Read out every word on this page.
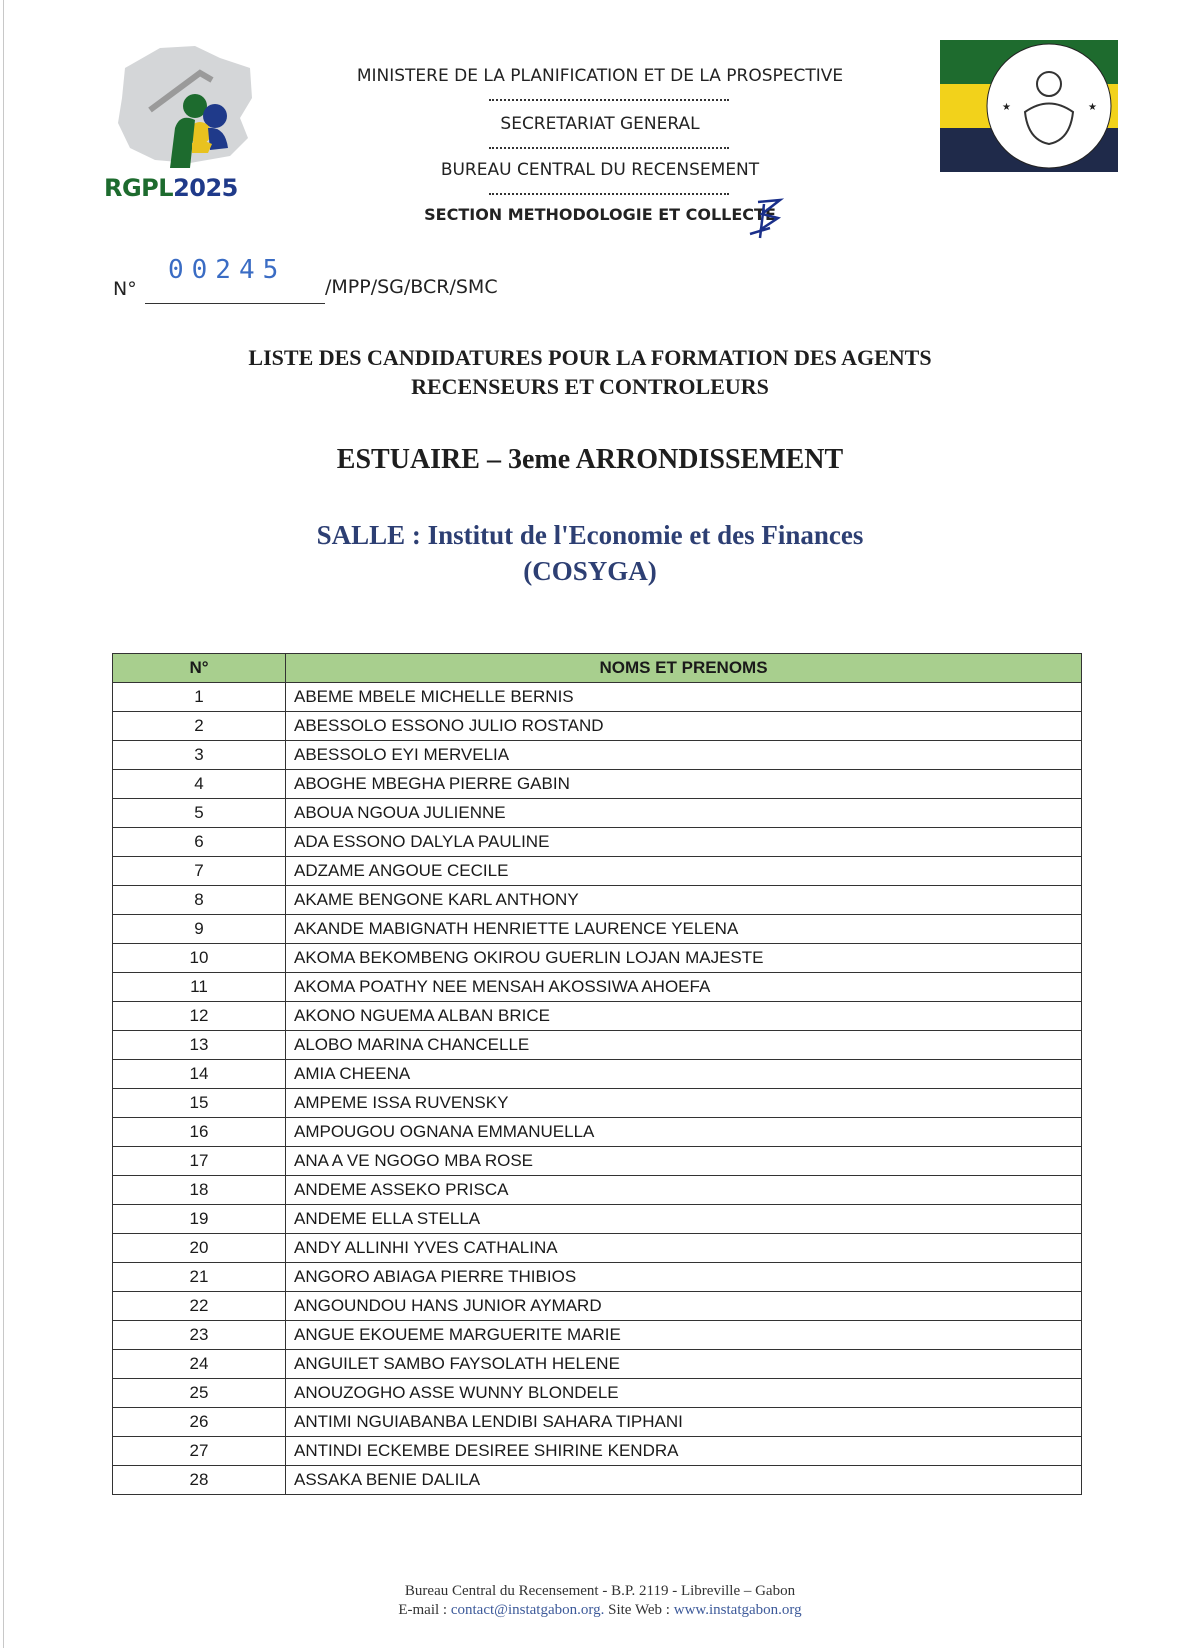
RGPL2025
MINISTERE DE LA PLANIFICATION ET DE LA PROSPECTIVE
SECRETARIAT GENERAL
BUREAU CENTRAL DU RECENSEMENT
SECTION METHODOLOGIE ET COLLECTE
★	★
N°
00245
/MPP/SG/BCR/SMC
LISTE DES CANDIDATURES POUR LA FORMATION DES AGENTS
RECENSEURS ET CONTROLEURS
ESTUAIRE – 3eme ARRONDISSEMENT
SALLE : Institut de l'Economie et des Finances
(COSYGA)
N°	NOMS ET PRENOMS
1	ABEME MBELE MICHELLE BERNIS
2	ABESSOLO ESSONO JULIO ROSTAND
3	ABESSOLO EYI MERVELIA
4	ABOGHE MBEGHA PIERRE GABIN
5	ABOUA NGOUA JULIENNE
6	ADA ESSONO DALYLA PAULINE
7	ADZAME ANGOUE CECILE
8	AKAME BENGONE KARL ANTHONY
9	AKANDE MABIGNATH HENRIETTE LAURENCE YELENA
10	AKOMA BEKOMBENG OKIROU GUERLIN LOJAN MAJESTE
11	AKOMA POATHY NEE MENSAH AKOSSIWA AHOEFA
12	AKONO NGUEMA ALBAN BRICE
13	ALOBO MARINA CHANCELLE
14	AMIA CHEENA
15	AMPEME ISSA RUVENSKY
16	AMPOUGOU OGNANA EMMANUELLA
17	ANA A VE NGOGO MBA ROSE
18	ANDEME ASSEKO PRISCA
19	ANDEME ELLA STELLA
20	ANDY ALLINHI YVES CATHALINA
21	ANGORO ABIAGA PIERRE THIBIOS
22	ANGOUNDOU HANS JUNIOR AYMARD
23	ANGUE EKOUEME MARGUERITE MARIE
24	ANGUILET SAMBO FAYSOLATH HELENE
25	ANOUZOGHO ASSE WUNNY BLONDELE
26	ANTIMI NGUIABANBA LENDIBI SAHARA TIPHANI
27	ANTINDI ECKEMBE DESIREE SHIRINE KENDRA
28	ASSAKA BENIE DALILA
Bureau Central du Recensement - B.P. 2119 - Libreville – Gabon
E-mail : contact@instatgabon.org. Site Web : www.instatgabon.org
